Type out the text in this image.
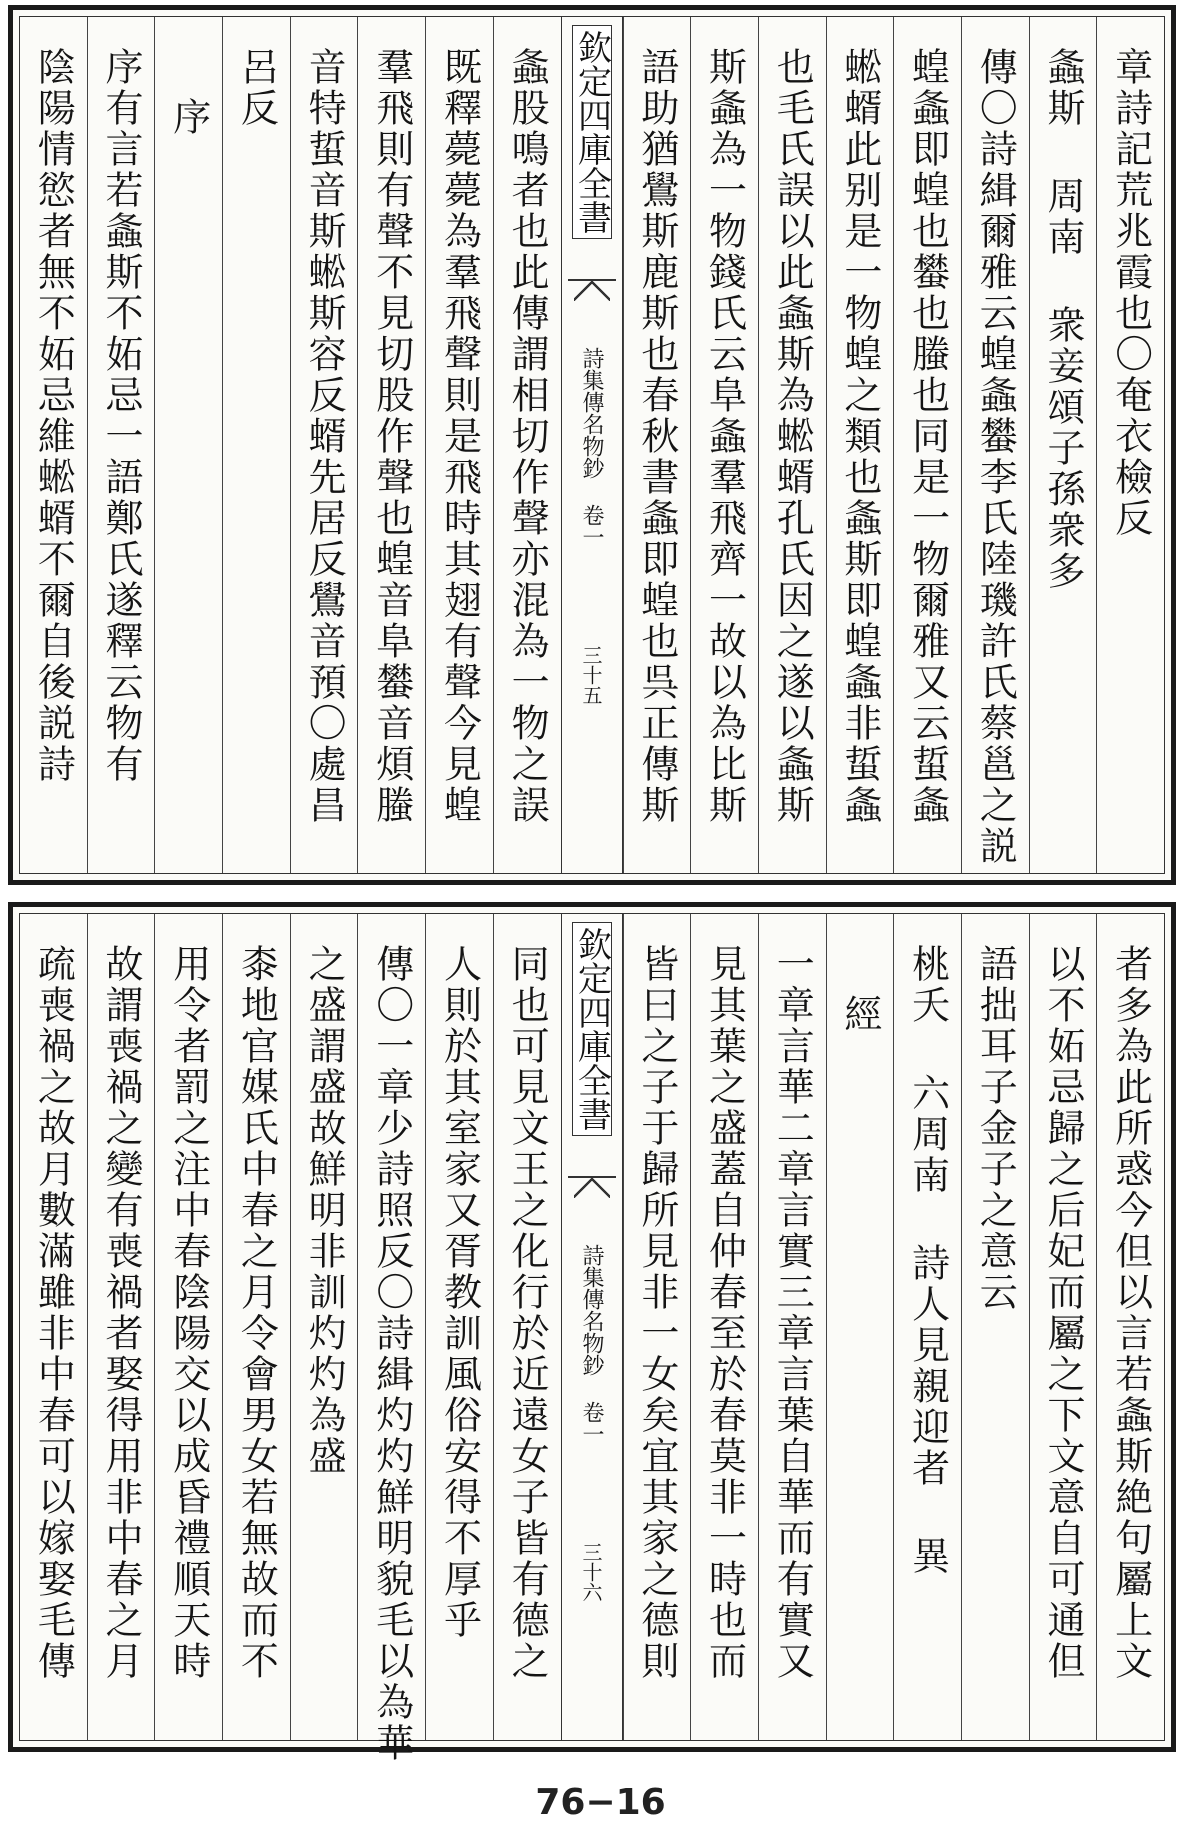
章詩記荒兆霞也〇奄衣檢反
螽斯 周南 衆妾頌子孫衆多
傳〇詩緝爾雅云蝗螽蠜李氏陸璣許氏蔡邕之説
蝗螽即蝗也蠜也螣也同是一物爾雅又云蜇螽
蜙蝑此别是一物蝗之類也螽斯即蝗螽非蜇螽
也毛氏誤以此螽斯為蜙蝑孔氏因之遂以螽斯
斯螽為一物錢氏云阜螽羣飛齊一故以為比斯
語助猶鷽斯鹿斯也春秋書螽即蝗也呉正傳斯
欽定四庫全書
詩集傳名物鈔 卷一
三十五
螽股鳴者也此傳謂相切作聲亦混為一物之誤
既釋薨薨為羣飛聲則是飛時其翅有聲今見蝗
羣飛則有聲不見切股作聲也蝗音阜蠜音煩螣
音特蜇音斯蜙斯容反蝑先居反鷽音預〇處昌
呂反
序
序有言若螽斯不妬忌一語鄭氏遂釋云物有
陰陽情慾者無不妬忌維蜙蝑不爾自後説詩
者多為此所惑今但以言若螽斯絶句屬上文
以不妬忌歸之后妃而屬之下文意自可通但
語拙耳子金子之意云
桃夭 六周南 詩人見親迎者 異
經
一章言華二章言實三章言葉自華而有實又
見其葉之盛蓋自仲春至於春莫非一時也而
皆曰之子于歸所見非一女矣宜其家之德則
欽定四庫全書
詩集傳名物鈔 卷一
三十六
同也可見文王之化行於近遠女子皆有德之
人則於其室家又胥教訓風俗安得不厚乎
傳〇一章少詩照反〇詩緝灼灼鮮明貌毛以為華
之盛謂盛故鮮明非訓灼灼為盛
桼地官媒氏中春之月令會男女若無故而不
用令者罰之注中春陰陽交以成昏禮順天時
故謂喪禍之變有喪禍者娶得用非中春之月
疏喪禍之故月數滿雖非中春可以嫁娶毛傳
76−16
